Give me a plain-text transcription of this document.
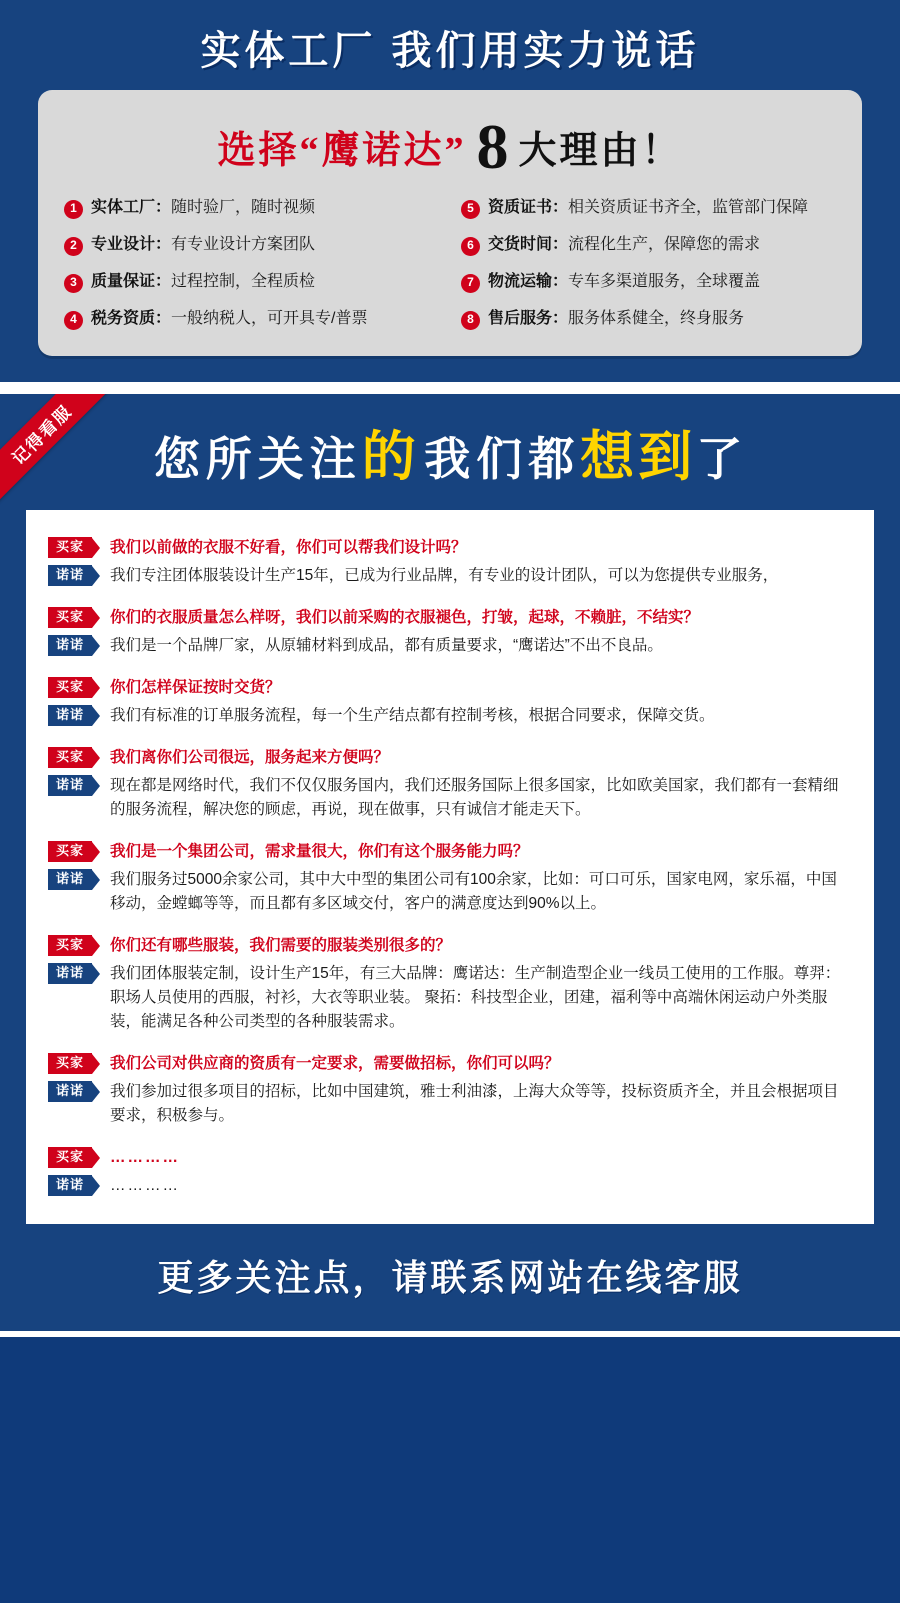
实体工厂 我们用实力说话
选择“鹰诺达” 8 大理由！
1 实体工厂：随时验厂，随时视频	5 资质证书：相关资质证书齐全，监管部门保障
2 专业设计：有专业设计方案团队	6 交货时间：流程化生产，保障您的需求
3 质量保证：过程控制，全程质检	7 物流运输：专车多渠道服务，全球覆盖
4 税务资质：一般纳税人，可开具专/普票	8 售后服务：服务体系健全，终身服务
记得看服	您所关注的 我们都想到了
买家	我们以前做的衣服不好看，你们可以帮我们设计吗？
诺诺	我们专注团体服装设计生产15年，已成为行业品牌，有专业的设计团队，可以为您提供专业服务，
买家	你们的衣服质量怎么样呀，我们以前采购的衣服褪色，打皱，起球，不赖脏，不结实？
诺诺	我们是一个品牌厂家，从原辅材料到成品，都有质量要求，“鹰诺达”不出不良品。
买家	你们怎样保证按时交货？
诺诺	我们有标准的订单服务流程，每一个生产结点都有控制考核，根据合同要求，保障交货。
买家	我们离你们公司很远，服务起来方便吗？
诺诺	现在都是网络时代，我们不仅仅服务国内，我们还服务国际上很多国家，比如欧美国家，我们都有一套精细的服务流程，解决您的顾虑，再说，现在做事，只有诚信才能走天下。
买家	我们是一个集团公司，需求量很大，你们有这个服务能力吗？
诺诺	我们服务过5000余家公司，其中大中型的集团公司有100余家，比如：可口可乐，国家电网，家乐福，中国移动，金螳螂等等，而且都有多区域交付，客户的满意度达到90%以上。
买家	你们还有哪些服装，我们需要的服装类别很多的？
诺诺	我们团体服装定制，设计生产15年，有三大品牌：鹰诺达：生产制造型企业一线员工使用的工作服。尊羿：职场人员使用的西服，衬衫，大衣等职业装。 聚拓：科技型企业，团建，福利等中高端休闲运动户外类服装，能满足各种公司类型的各种服装需求。
买家	我们公司对供应商的资质有一定要求，需要做招标，你们可以吗？
诺诺	我们参加过很多项目的招标，比如中国建筑，雅士利油漆，上海大众等等，投标资质齐全，并且会根据项目要求，积极参与。
买家	…………
诺诺	…………
更多关注点，请联系网站在线客服
